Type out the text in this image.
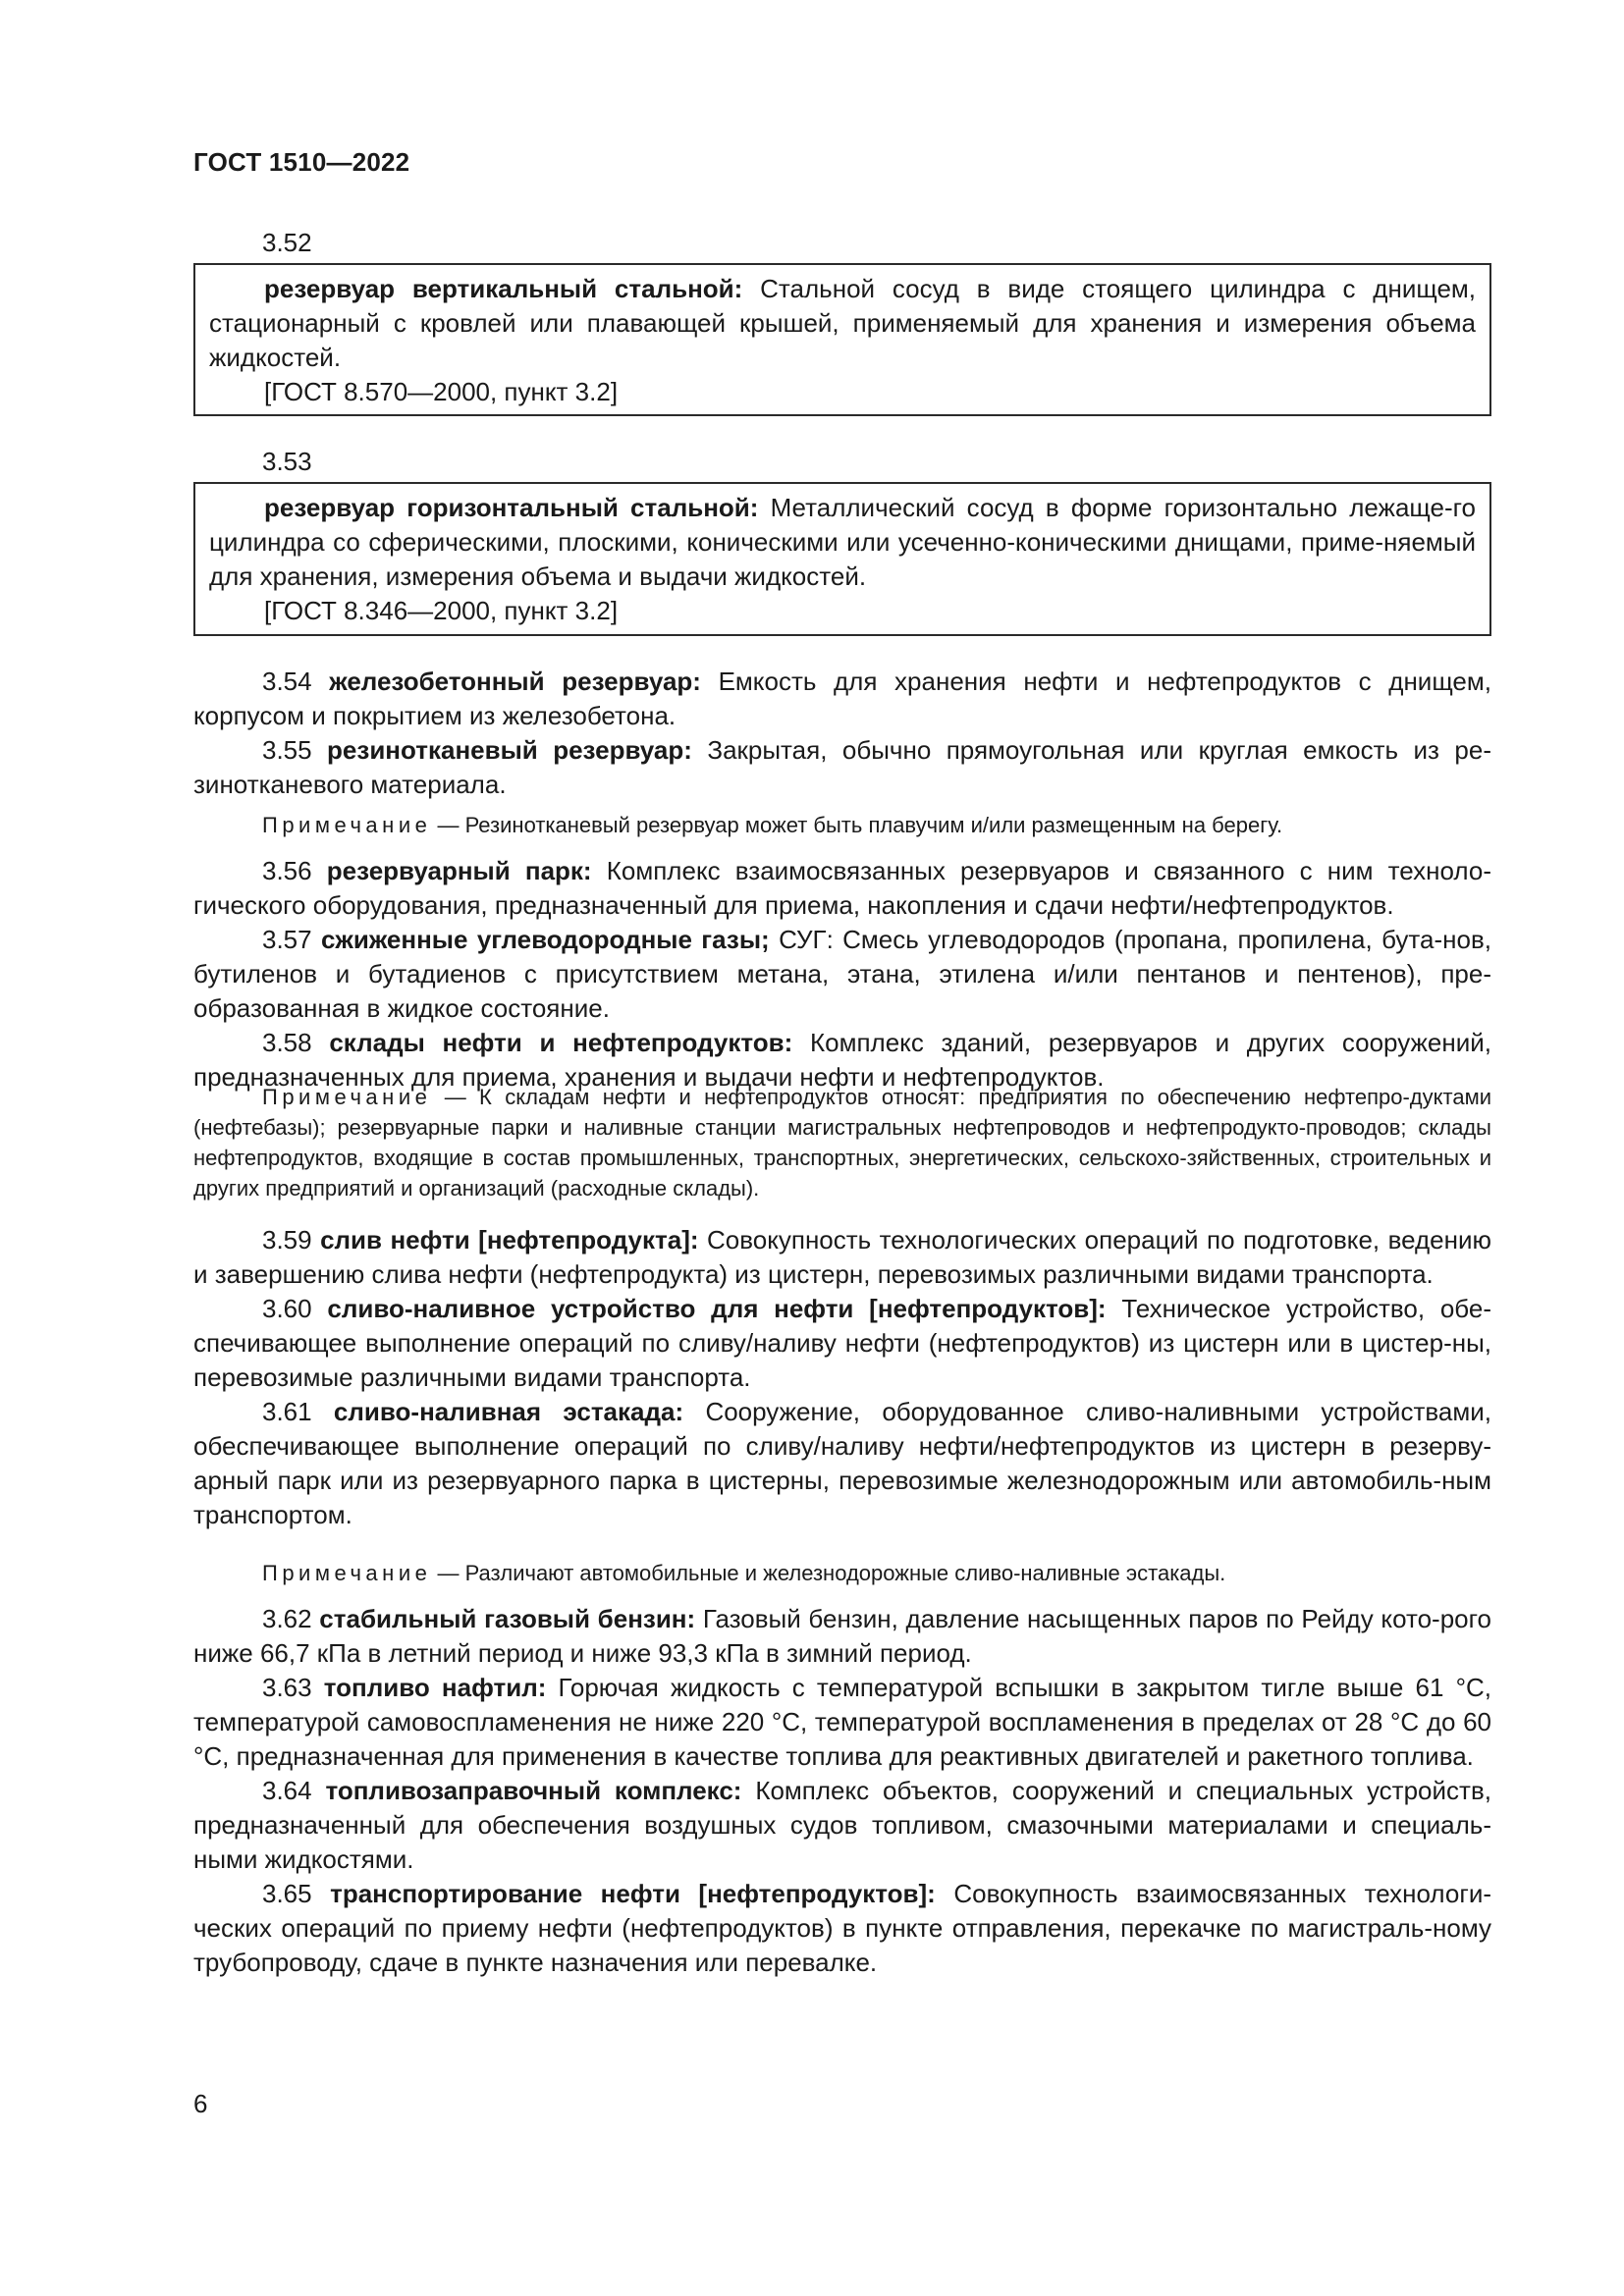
ГОСТ 1510—2022
3.52

резервуар вертикальный стальной: Стальной сосуд в виде стоящего цилиндра с днищем, стационарный с кровлей или плавающей крышей, применяемый для хранения и измерения объема жидкостей.

[ГОСТ 8.570—2000, пункт 3.2]

3.53

резервуар горизонтальный стальной: Металлический сосуд в форме горизонтально лежаще-го цилиндра со сферическими, плоскими, коническими или усеченно-коническими днищами, приме-няемый для хранения, измерения объема и выдачи жидкостей.

[ГОСТ 8.346—2000, пункт 3.2]

3.54 железобетонный резервуар: Емкость для хранения нефти и нефтепродуктов с днищем, корпусом и покрытием из железобетона.

3.55 резинотканевый резервуар: Закрытая, обычно прямоугольная или круглая емкость из ре-зинотканевого материала.

Примечание — Резинотканевый резервуар может быть плавучим и/или размещенным на берегу.

3.56 резервуарный парк: Комплекс взаимосвязанных резервуаров и связанного с ним техноло-гического оборудования, предназначенный для приема, накопления и сдачи нефти/нефтепродуктов.

3.57 сжиженные углеводородные газы; СУГ: Смесь углеводородов (пропана, пропилена, бута-нов, бутиленов и бутадиенов с присутствием метана, этана, этилена и/или пентанов и пентенов), пре-образованная в жидкое состояние.

3.58 склады нефти и нефтепродуктов: Комплекс зданий, резервуаров и других сооружений, предназначенных для приема, хранения и выдачи нефти и нефтепродуктов.

Примечание — К складам нефти и нефтепродуктов относят: предприятия по обеспечению нефтепро-дуктами (нефтебазы); резервуарные парки и наливные станции магистральных нефтепроводов и нефтепродукто-проводов; склады нефтепродуктов, входящие в состав промышленных, транспортных, энергетических, сельскохо-зяйственных, строительных и других предприятий и организаций (расходные склады).

3.59 слив нефти [нефтепродукта]: Совокупность технологических операций по подготовке, ведению и завершению слива нефти (нефтепродукта) из цистерн, перевозимых различными видами транспорта.

3.60 сливо-наливное устройство для нефти [нефтепродуктов]: Техническое устройство, обе-спечивающее выполнение операций по сливу/наливу нефти (нефтепродуктов) из цистерн или в цистер-ны, перевозимые различными видами транспорта.

3.61 сливо-наливная эстакада: Сооружение, оборудованное сливо-наливными устройствами, обеспечивающее выполнение операций по сливу/наливу нефти/нефтепродуктов из цистерн в резерву-арный парк или из резервуарного парка в цистерны, перевозимые железнодорожным или автомобиль-ным транспортом.

Примечание — Различают автомобильные и железнодорожные сливо-наливные эстакады.

3.62 стабильный газовый бензин: Газовый бензин, давление насыщенных паров по Рейду кото-рого ниже 66,7 кПа в летний период и ниже 93,3 кПа в зимний период.

3.63 топливо нафтил: Горючая жидкость с температурой вспышки в закрытом тигле выше 61 °С, температурой самовоспламенения не ниже 220 °С, температурой воспламенения в пределах от 28 °С до 60 °С, предназначенная для применения в качестве топлива для реактивных двигателей и ракетного топлива.

3.64 топливозаправочный комплекс: Комплекс объектов, сооружений и специальных устройств, предназначенный для обеспечения воздушных судов топливом, смазочными материалами и специаль-ными жидкостями.

3.65 транспортирование нефти [нефтепродуктов]: Совокупность взаимосвязанных технологи-ческих операций по приему нефти (нефтепродуктов) в пункте отправления, перекачке по магистраль-ному трубопроводу, сдаче в пункте назначения или перевалке.

6
